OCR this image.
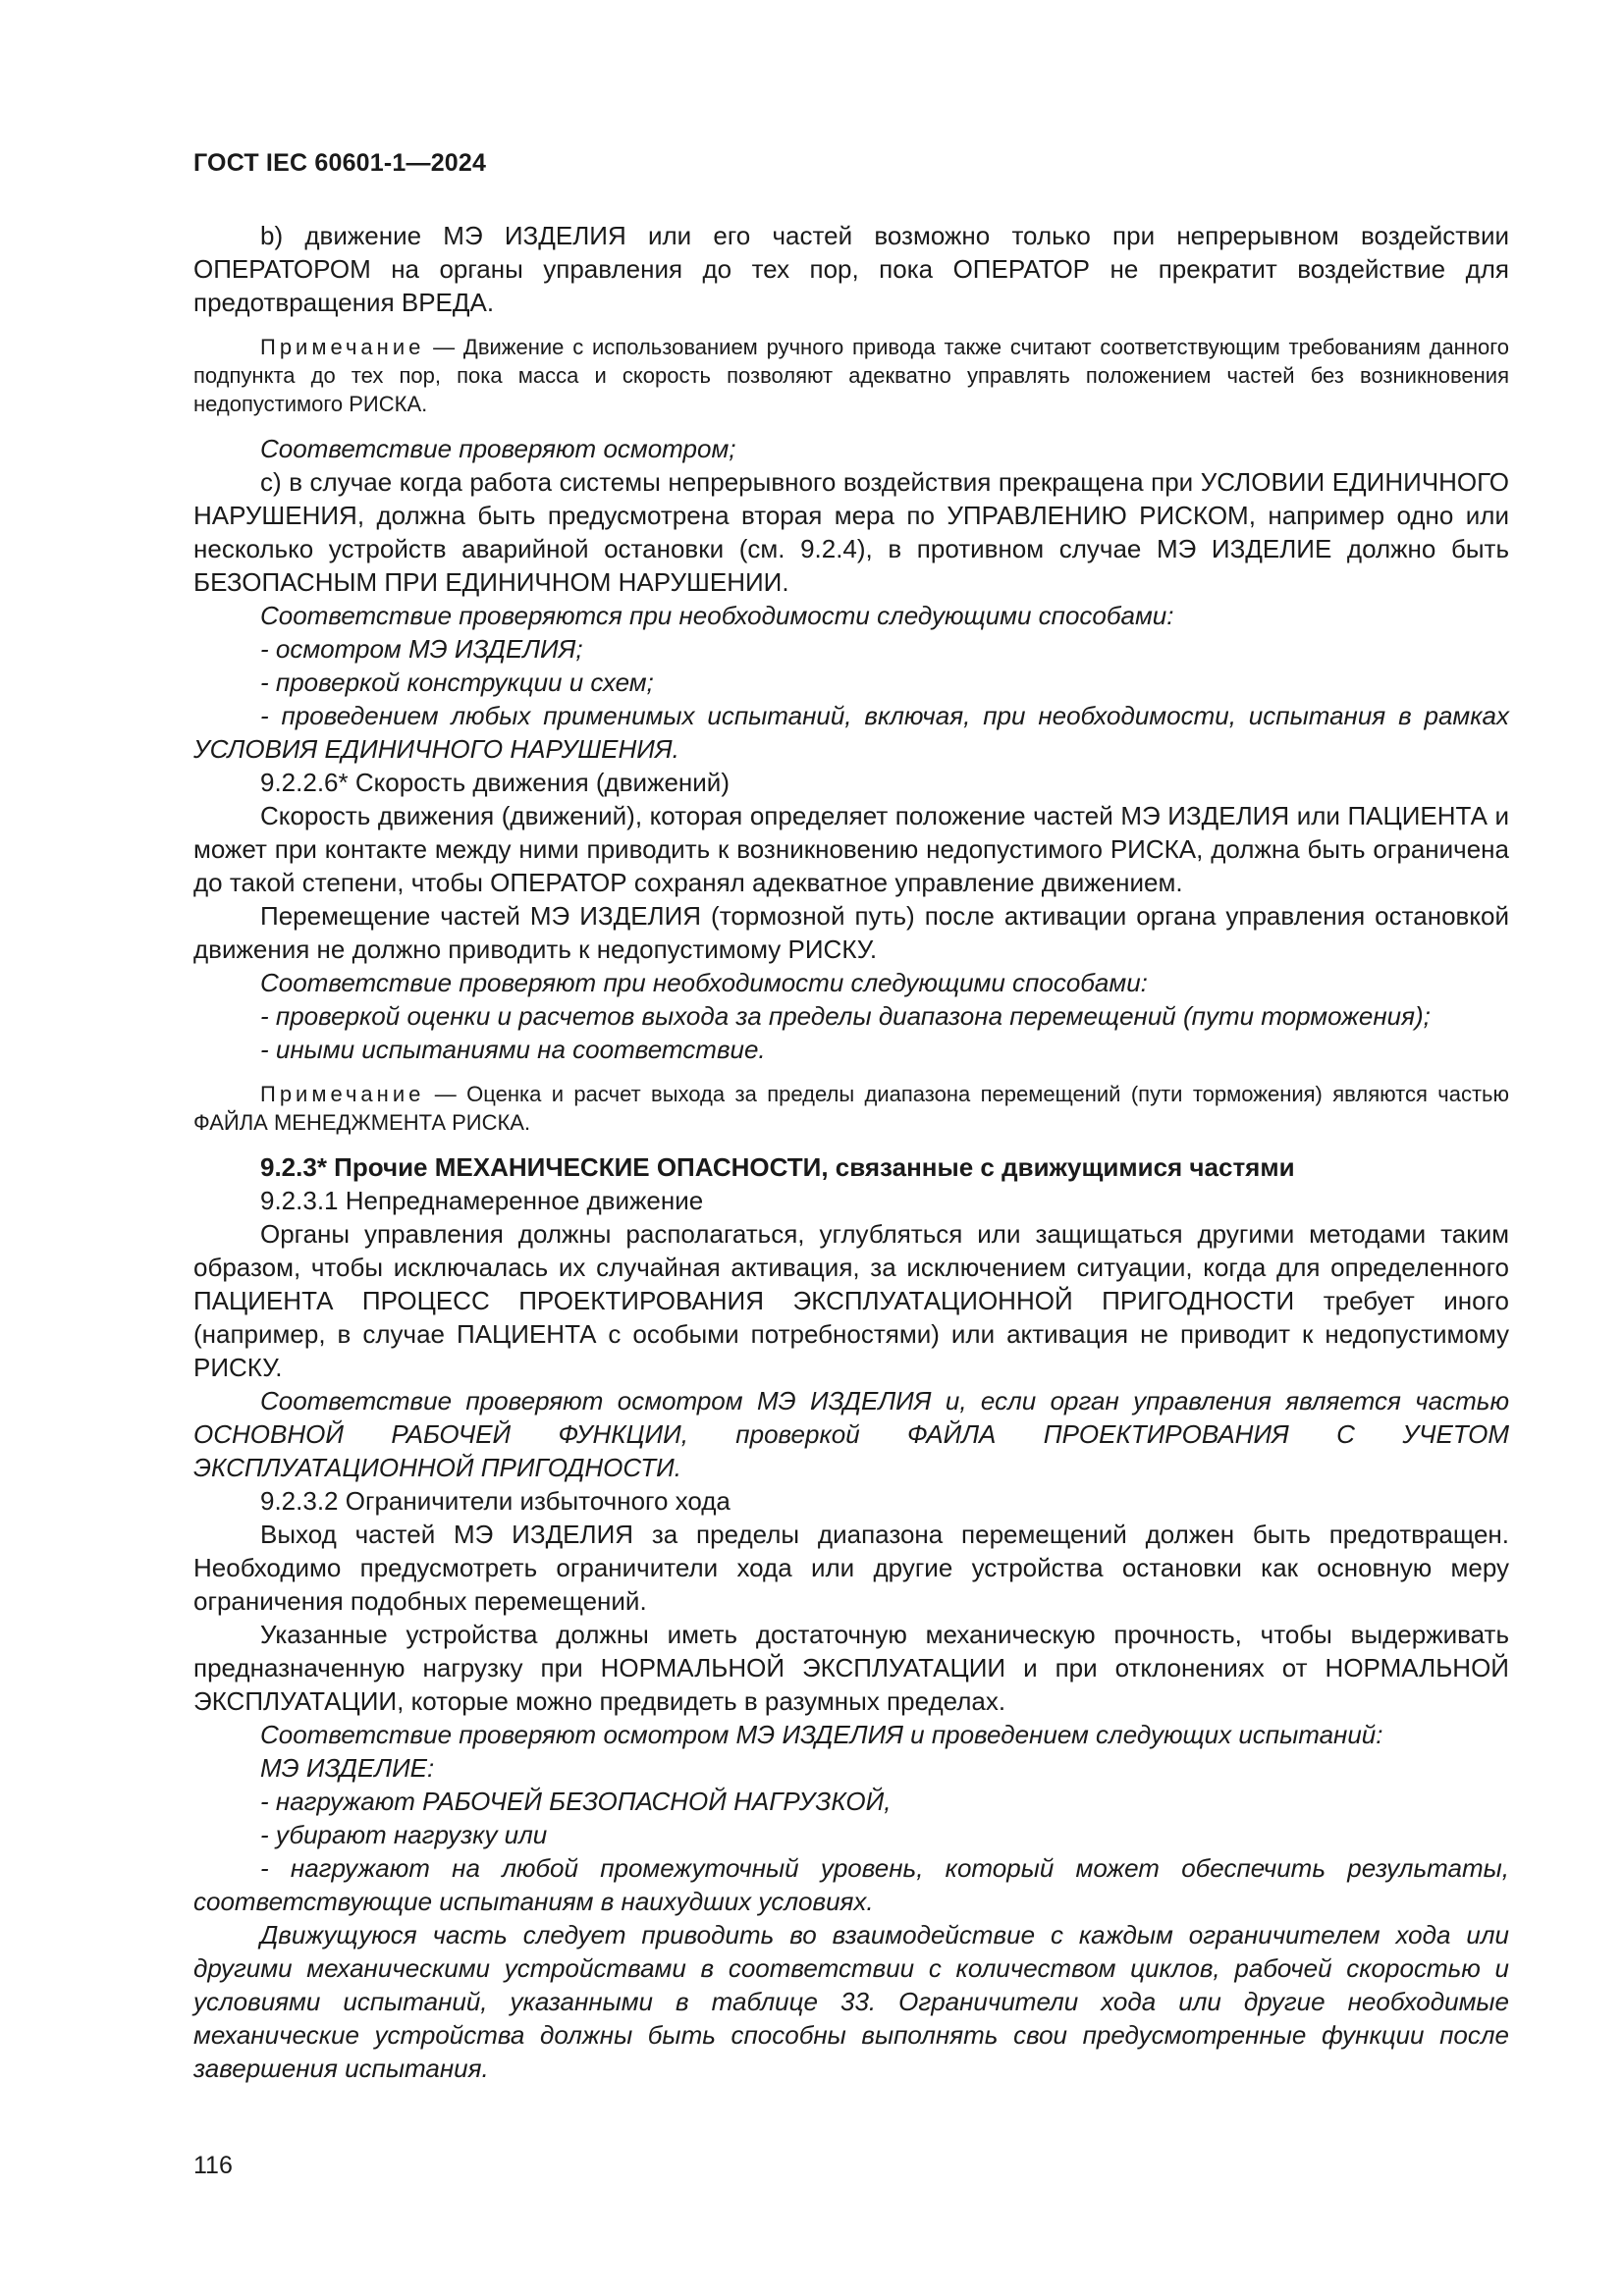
ГОСТ IEC 60601-1—2024

b) движение МЭ ИЗДЕЛИЯ или его частей возможно только при непрерывном воздействии ОПЕРАТОРОМ на органы управления до тех пор, пока ОПЕРАТОР не прекратит воздействие для предотвращения ВРЕДА.

Примечание — Движение с использованием ручного привода также считают соответствующим требованиям данного подпункта до тех пор, пока масса и скорость позволяют адекватно управлять положением частей без возникновения недопустимого РИСКА.

Соответствие проверяют осмотром;

c) в случае когда работа системы непрерывного воздействия прекращена при УСЛОВИИ ЕДИНИЧНОГО НАРУШЕНИЯ, должна быть предусмотрена вторая мера по УПРАВЛЕНИЮ РИСКОМ, например одно или несколько устройств аварийной остановки (см. 9.2.4), в противном случае МЭ ИЗДЕЛИЕ должно быть БЕЗОПАСНЫМ ПРИ ЕДИНИЧНОМ НАРУШЕНИИ.

Соответствие проверяются при необходимости следующими способами:

- осмотром МЭ ИЗДЕЛИЯ;

- проверкой конструкции и схем;

- проведением любых применимых испытаний, включая, при необходимости, испытания в рамках УСЛОВИЯ ЕДИНИЧНОГО НАРУШЕНИЯ.

9.2.2.6* Скорость движения (движений)

Скорость движения (движений), которая определяет положение частей МЭ ИЗДЕЛИЯ или ПАЦИЕНТА и может при контакте между ними приводить к возникновению недопустимого РИСКА, должна быть ограничена до такой степени, чтобы ОПЕРАТОР сохранял адекватное управление движением.

Перемещение частей МЭ ИЗДЕЛИЯ (тормозной путь) после активации органа управления остановкой движения не должно приводить к недопустимому РИСКУ.

Соответствие проверяют при необходимости следующими способами:

- проверкой оценки и расчетов выхода за пределы диапазона перемещений (пути торможения);

- иными испытаниями на соответствие.

Примечание — Оценка и расчет выхода за пределы диапазона перемещений (пути торможения) являются частью ФАЙЛА МЕНЕДЖМЕНТА РИСКА.

9.2.3* Прочие МЕХАНИЧЕСКИЕ ОПАСНОСТИ, связанные с движущимися частями

9.2.3.1 Непреднамеренное движение

Органы управления должны располагаться, углубляться или защищаться другими методами таким образом, чтобы исключалась их случайная активация, за исключением ситуации, когда для определенного ПАЦИЕНТА ПРОЦЕСС ПРОЕКТИРОВАНИЯ ЭКСПЛУАТАЦИОННОЙ ПРИГОДНОСТИ требует иного (например, в случае ПАЦИЕНТА с особыми потребностями) или активация не приводит к недопустимому РИСКУ.

Соответствие проверяют осмотром МЭ ИЗДЕЛИЯ и, если орган управления является частью ОСНОВНОЙ РАБОЧЕЙ ФУНКЦИИ, проверкой ФАЙЛА ПРОЕКТИРОВАНИЯ С УЧЕТОМ ЭКСПЛУАТАЦИОННОЙ ПРИГОДНОСТИ.

9.2.3.2 Ограничители избыточного хода

Выход частей МЭ ИЗДЕЛИЯ за пределы диапазона перемещений должен быть предотвращен. Необходимо предусмотреть ограничители хода или другие устройства остановки как основную меру ограничения подобных перемещений.

Указанные устройства должны иметь достаточную механическую прочность, чтобы выдерживать предназначенную нагрузку при НОРМАЛЬНОЙ ЭКСПЛУАТАЦИИ и при отклонениях от НОРМАЛЬНОЙ ЭКСПЛУАТАЦИИ, которые можно предвидеть в разумных пределах.

Соответствие проверяют осмотром МЭ ИЗДЕЛИЯ и проведением следующих испытаний:

МЭ ИЗДЕЛИЕ:

- нагружают РАБОЧЕЙ БЕЗОПАСНОЙ НАГРУЗКОЙ,

- убирают нагрузку или

- нагружают на любой промежуточный уровень, который может обеспечить результаты, соответствующие испытаниям в наихудших условиях.

Движущуюся часть следует приводить во взаимодействие с каждым ограничителем хода или другими механическими устройствами в соответствии с количеством циклов, рабочей скоростью и условиями испытаний, указанными в таблице 33. Ограничители хода или другие необходимые механические устройства должны быть способны выполнять свои предусмотренные функции после завершения испытания.

116
